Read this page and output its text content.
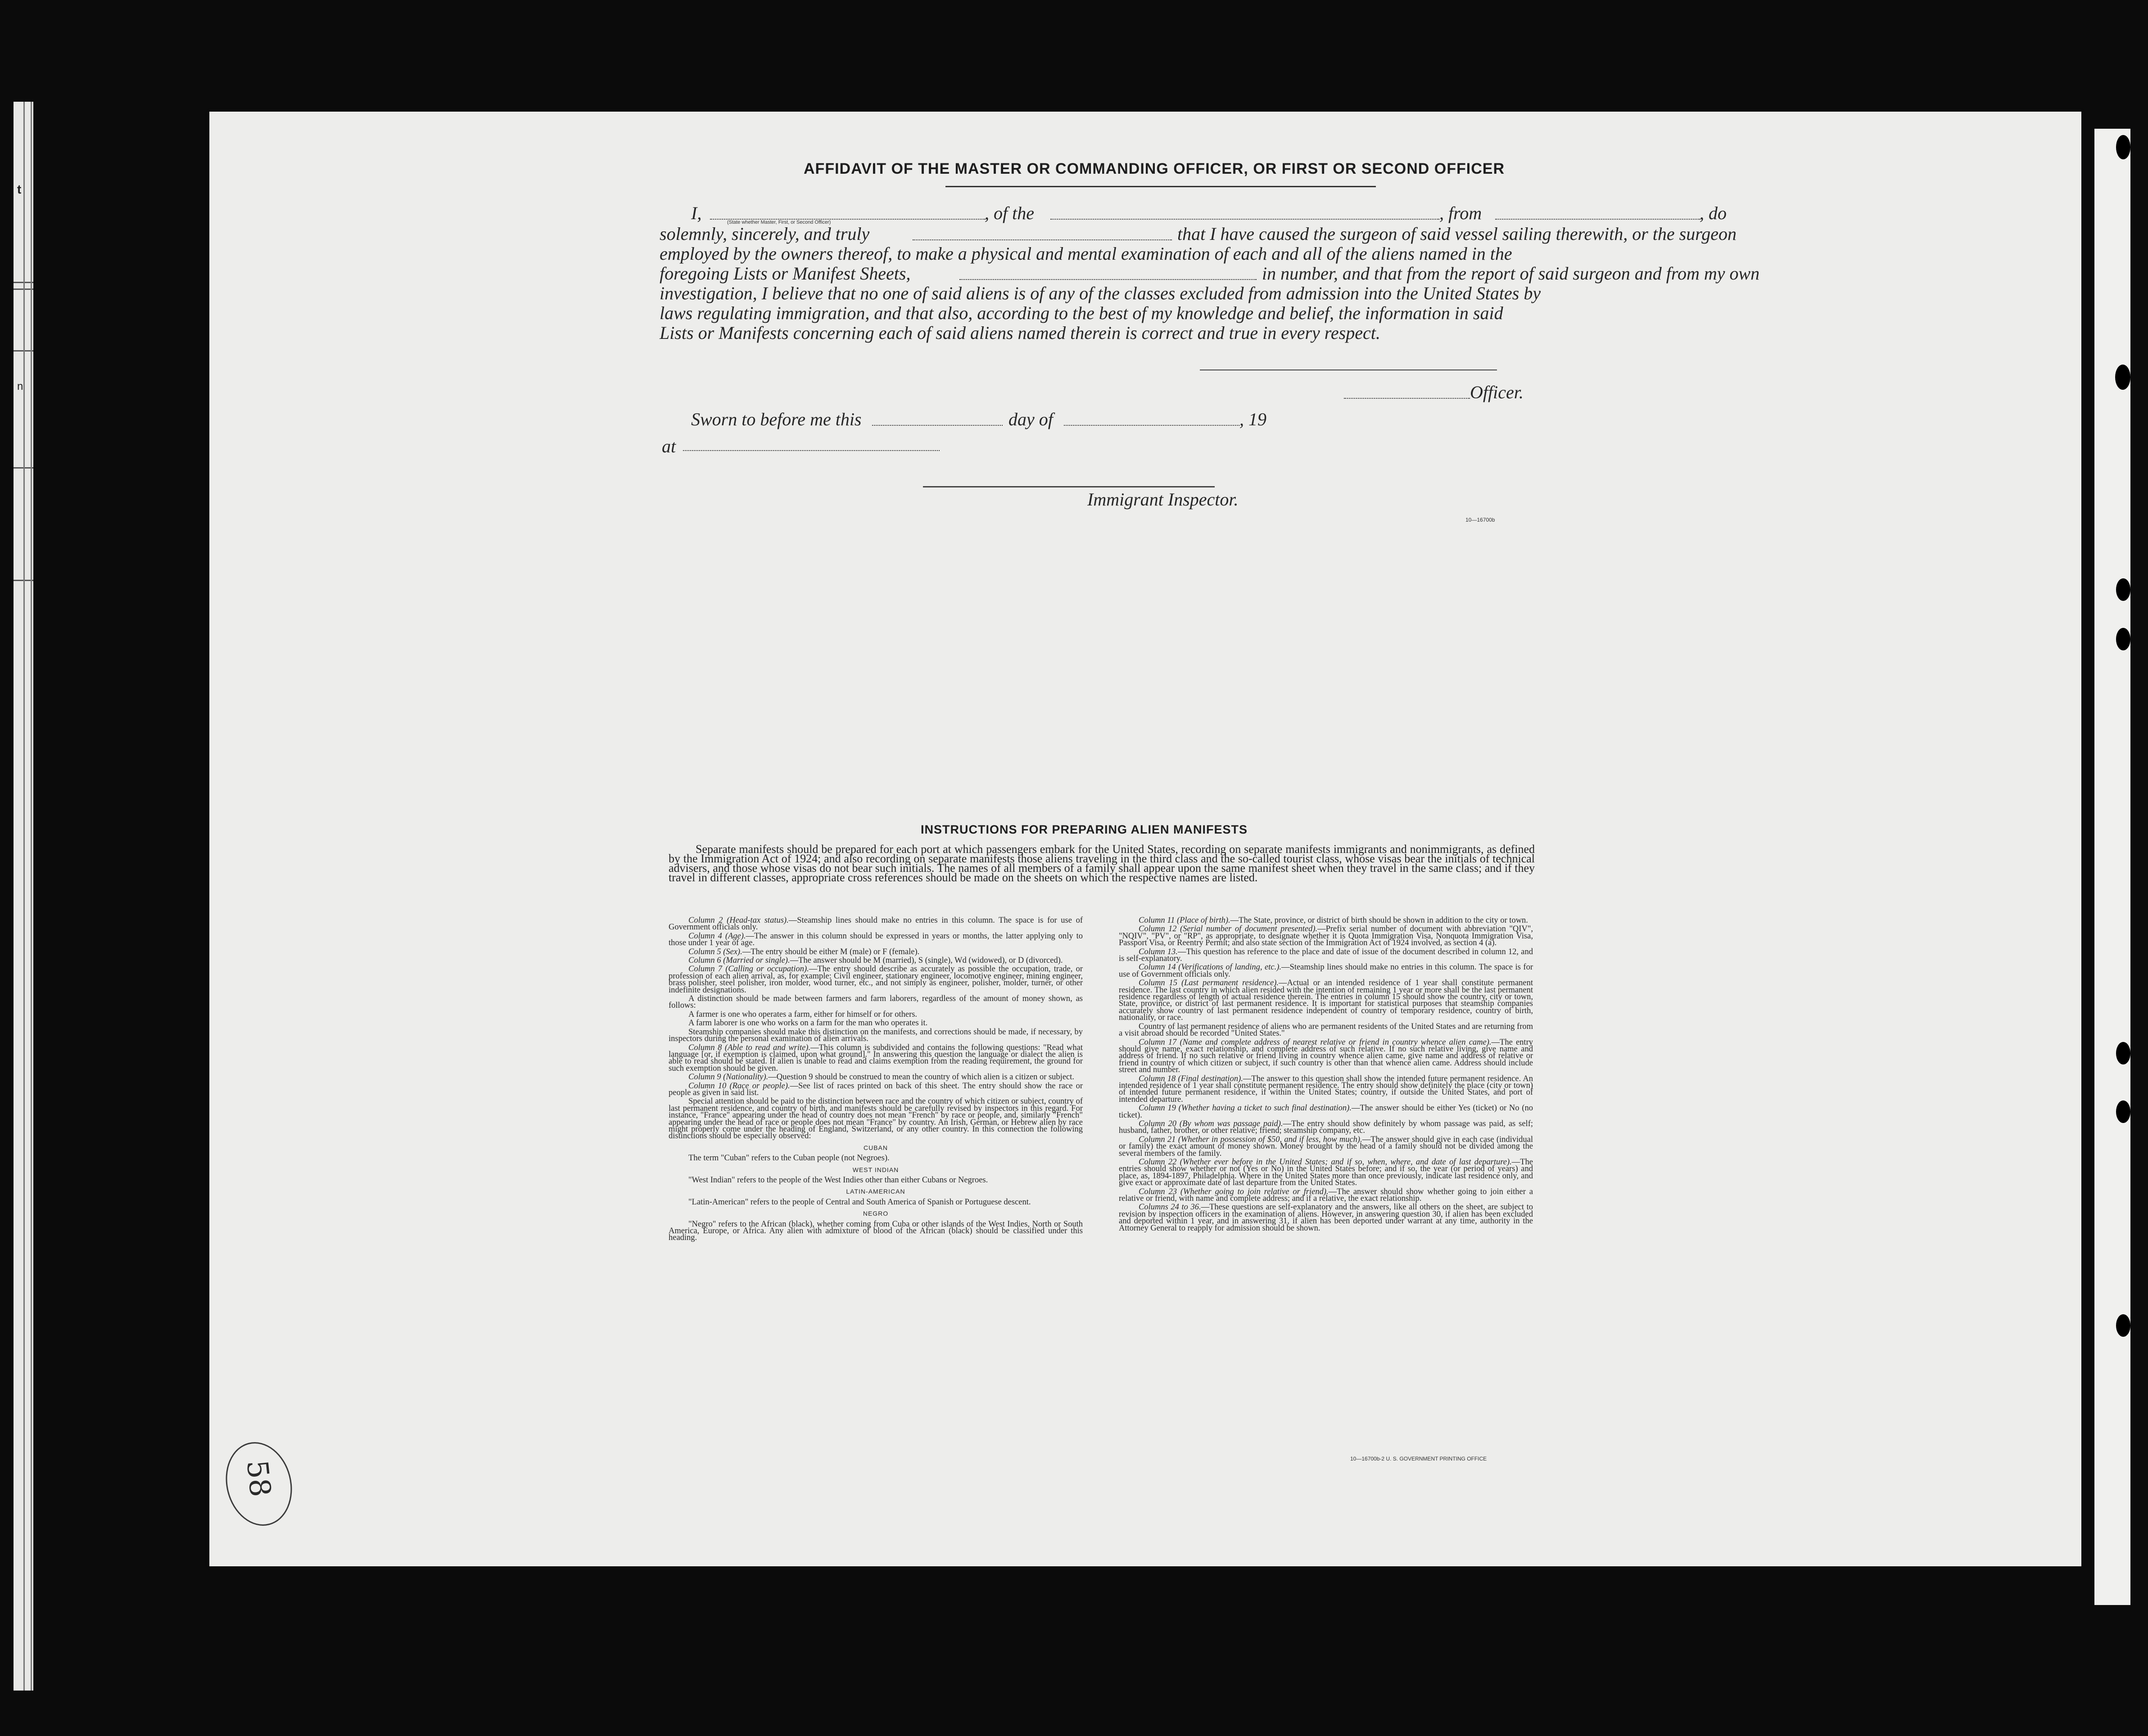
t
n
AFFIDAVIT OF THE MASTER OR COMMANDING OFFICER, OR FIRST OR SECOND OFFICER
I,	(State whether Master, First, or Second Officer)	, of the	, from	, do
solemnly, sincerely, and truly	that I have caused the surgeon of said vessel sailing therewith, or the surgeon
employed by the owners thereof, to make a physical and mental examination of each and all of the aliens named in the
foregoing Lists or Manifest Sheets,	in number, and that from the report of said surgeon and from my own
investigation, I believe that no one of said aliens is of any of the classes excluded from admission into the United States by
laws regulating immigration, and that also, according to the best of my knowledge and belief, the information in said
Lists or Manifests concerning each of said aliens named therein is correct and true in every respect.
Officer.
Sworn to before me this	day of	, 19
at
Immigrant Inspector.
10—16700b
INSTRUCTIONS FOR PREPARING ALIEN MANIFESTS

Separate manifests should be prepared for each port at which passengers embark for the United States, recording on separate manifests immigrants and nonimmigrants, as defined by the Immigration Act of 1924; and also recording on separate manifests those aliens traveling in the third class and the so-called tourist class, whose visas bear the initials of technical advisers, and those whose visas do not bear such initials. The names of all members of a family shall appear upon the same manifest sheet when they travel in the same class; and if they travel in different classes, appropriate cross references should be made on the sheets on which the respective names are listed.

Column 2 (Head-tax status).—Steamship lines should make no entries in this column. The space is for use of Government officials only.

Column 4 (Age).—The answer in this column should be expressed in years or months, the latter applying only to those under 1 year of age.

Column 5 (Sex).—The entry should be either M (male) or F (female).

Column 6 (Married or single).—The answer should be M (married), S (single), Wd (widowed), or D (divorced).

Column 7 (Calling or occupation).—The entry should describe as accurately as possible the occupation, trade, or profession of each alien arrival, as, for example: Civil engineer, stationary engineer, locomotive engineer, mining engineer, brass polisher, steel polisher, iron molder, wood turner, etc., and not simply as engineer, polisher, molder, turner, or other indefinite designations.

A distinction should be made between farmers and farm laborers, regardless of the amount of money shown, as follows:

A farmer is one who operates a farm, either for himself or for others.

A farm laborer is one who works on a farm for the man who operates it.

Steamship companies should make this distinction on the manifests, and corrections should be made, if necessary, by inspectors during the personal examination of alien arrivals.

Column 8 (Able to read and write).—This column is subdivided and contains the following questions: "Read what language [or, if exemption is claimed, upon what ground]." In answering this question the language or dialect the alien is able to read should be stated. If alien is unable to read and claims exemption from the reading requirement, the ground for such exemption should be given.

Column 9 (Nationality).—Question 9 should be construed to mean the country of which alien is a citizen or subject.

Column 10 (Race or people).—See list of races printed on back of this sheet. The entry should show the race or people as given in said list.

Special attention should be paid to the distinction between race and the country of which citizen or subject, country of last permanent residence, and country of birth, and manifests should be carefully revised by inspectors in this regard. For instance, "France" appearing under the head of country does not mean "French" by race or people, and, similarly "French" appearing under the head of race or people does not mean "France" by country. An Irish, German, or Hebrew alien by race might properly come under the heading of England, Switzerland, or any other country. In this connection the following distinctions should be especially observed:

CUBAN

The term "Cuban" refers to the Cuban people (not Negroes).

WEST INDIAN

"West Indian" refers to the people of the West Indies other than either Cubans or Negroes.

LATIN-AMERICAN

"Latin-American" refers to the people of Central and South America of Spanish or Portuguese descent.

NEGRO

"Negro" refers to the African (black), whether coming from Cuba or other islands of the West Indies, North or South America, Europe, or Africa. Any alien with admixture of blood of the African (black) should be classified under this heading.

Column 11 (Place of birth).—The State, province, or district of birth should be shown in addition to the city or town.

Column 12 (Serial number of document presented).—Prefix serial number of document with abbreviation "QIV", "NQIV", "PV", or "RP", as appropriate, to designate whether it is Quota Immigration Visa, Nonquota Immigration Visa, Passport Visa, or Reentry Permit; and also state section of the Immigration Act of 1924 involved, as section 4 (a).

Column 13.—This question has reference to the place and date of issue of the document described in column 12, and is self-explanatory.

Column 14 (Verifications of landing, etc.).—Steamship lines should make no entries in this column. The space is for use of Government officials only.

Column 15 (Last permanent residence).—Actual or an intended residence of 1 year shall constitute permanent residence. The last country in which alien resided with the intention of remaining 1 year or more shall be the last permanent residence regardless of length of actual residence therein. The entries in column 15 should show the country, city or town, State, province, or district of last permanent residence. It is important for statistical purposes that steamship companies accurately show country of last permanent residence independent of country of temporary residence, country of birth, nationality, or race.

Country of last permanent residence of aliens who are permanent residents of the United States and are returning from a visit abroad should be recorded "United States."

Column 17 (Name and complete address of nearest relative or friend in country whence alien came).—The entry should give name, exact relationship, and complete address of such relative. If no such relative living, give name and address of friend. If no such relative or friend living in country whence alien came, give name and address of relative or friend in country of which citizen or subject, if such country is other than that whence alien came. Address should include street and number.

Column 18 (Final destination).—The answer to this question shall show the intended future permanent residence. An intended residence of 1 year shall constitute permanent residence. The entry should show definitely the place (city or town) of intended future permanent residence, if within the United States; country, if outside the United States, and port of intended departure.

Column 19 (Whether having a ticket to such final destination).—The answer should be either Yes (ticket) or No (no ticket).

Column 20 (By whom was passage paid).—The entry should show definitely by whom passage was paid, as self; husband, father, brother, or other relative; friend; steamship company, etc.

Column 21 (Whether in possession of $50, and if less, how much).—The answer should give in each case (individual or family) the exact amount of money shown. Money brought by the head of a family should not be divided among the several members of the family.

Column 22 (Whether ever before in the United States; and if so, when, where, and date of last departure).—The entries should show whether or not (Yes or No) in the United States before; and if so, the year (or period of years) and place, as, 1894-1897, Philadelphia. Where in the United States more than once previously, indicate last residence only, and give exact or approximate date of last departure from the United States.

Column 23 (Whether going to join relative or friend).—The answer should show whether going to join either a relative or friend, with name and complete address; and if a relative, the exact relationship.

Columns 24 to 36.—These questions are self-explanatory and the answers, like all others on the sheet, are subject to revision by inspection officers in the examination of aliens. However, in answering question 30, if alien has been excluded and deported within 1 year, and in answering 31, if alien has been deported under warrant at any time, authority in the Attorney General to reapply for admission should be shown.

10—16700b-2 U. S. GOVERNMENT PRINTING OFFICE
58
